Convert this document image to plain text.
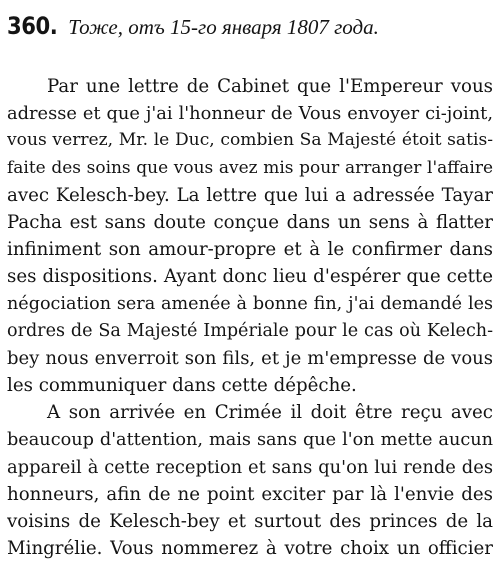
360. Тоже, отъ 15-го января 1807 года.
Par une lettre de Cabinet que l'Empereur vous
adresse et que j'ai l'honneur de Vous envoyer ci-joint,
vous verrez, Mr. le Duc, combien Sa Majesté étoit satis-
faite des soins que vous avez mis pour arranger l'affaire
avec Kelesch-bey. La lettre que lui a adressée Tayar
Pacha est sans doute conçue dans un sens à flatter
infiniment son amour-propre et à le confirmer dans
ses dispositions. Ayant donc lieu d'espérer que cette
négociation sera amenée à bonne fin, j'ai demandé les
ordres de Sa Majesté Impériale pour le cas où Kelech-
bey nous enverroit son fils, et je m'empresse de vous
les communiquer dans cette dépêche.
A son arrivée en Crimée il doit être reçu avec
beaucoup d'attention, mais sans que l'on mette aucun
appareil à cette reception et sans qu'on lui rende des
honneurs, afin de ne point exciter par là l'envie des
voisins de Kelesch-bey et surtout des princes de la
Mingrélie. Vous nommerez à votre choix un officier
